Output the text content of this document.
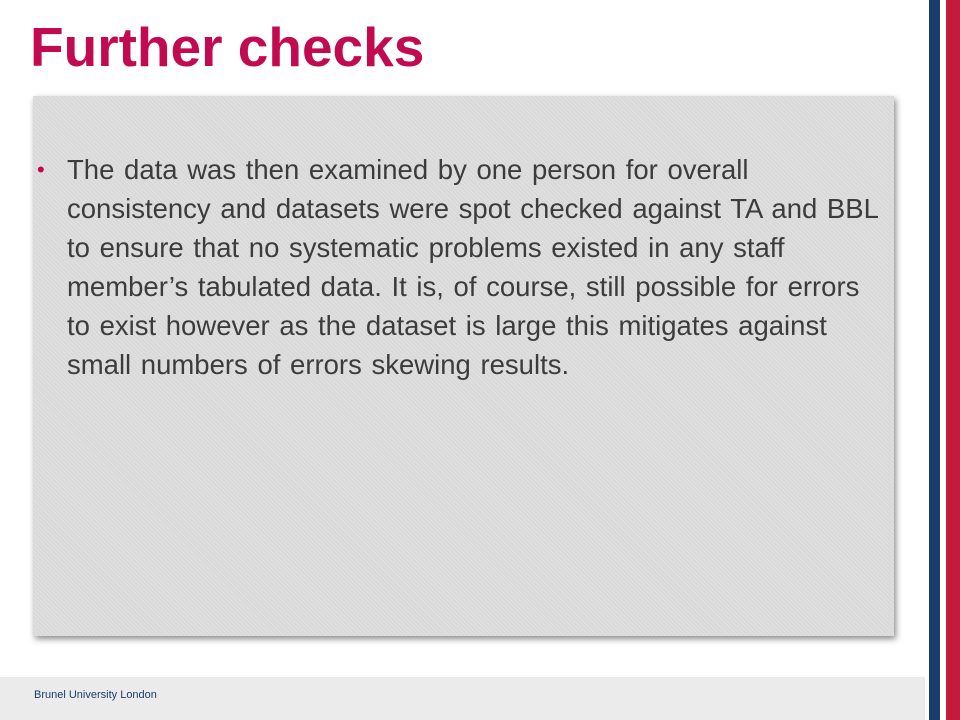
Further checks
• The data was then examined by one person for overall consistency and datasets were spot checked against TA and BBL to ensure that no systematic problems existed in any staff member’s tabulated data. It is, of course, still possible for errors to exist however as the dataset is large this mitigates against small numbers of errors skewing results.

Brunel University London
